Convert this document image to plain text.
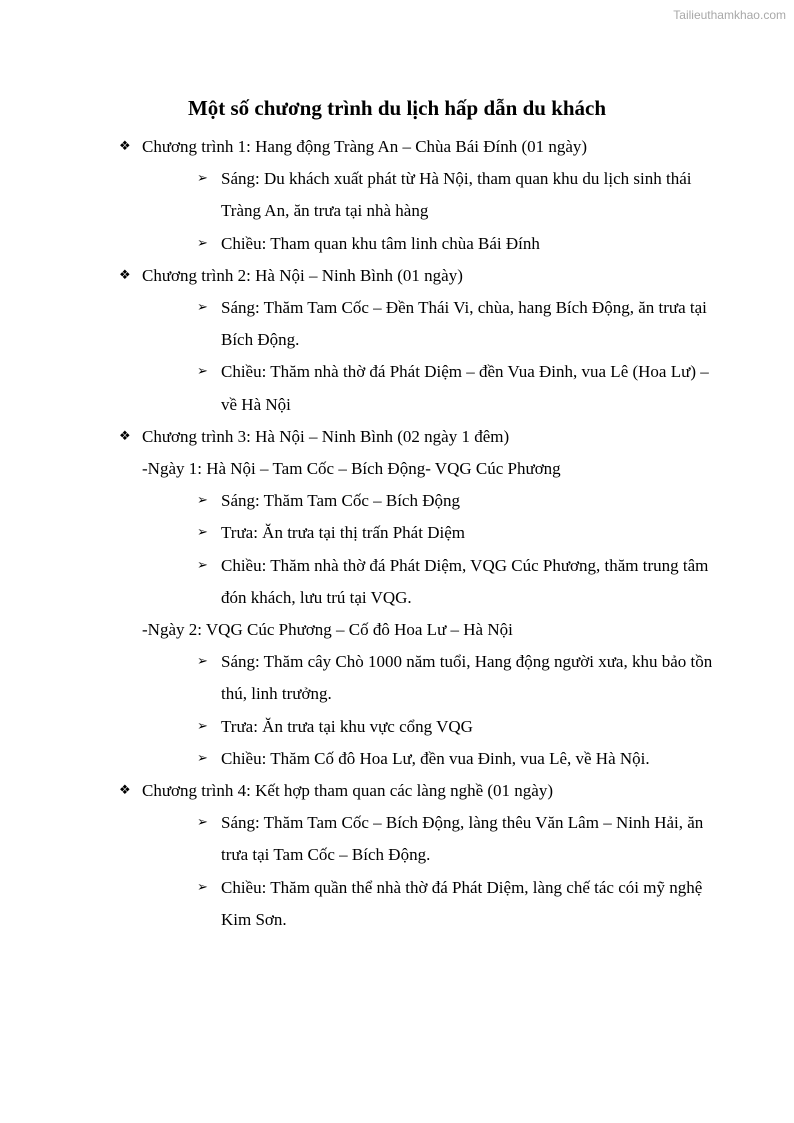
Tailieuthamkhao.com
Một số chương trình du lịch hấp dẫn du khách
❖ Chương trình 1: Hang động Tràng An – Chùa Bái Đính (01 ngày)
➢ Sáng: Du khách xuất phát từ Hà Nội, tham quan khu du lịch sinh thái Tràng An, ăn trưa tại nhà hàng
➢ Chiều: Tham quan khu tâm linh chùa Bái Đính
❖ Chương trình 2: Hà Nội – Ninh Bình (01 ngày)
➢ Sáng: Thăm Tam Cốc – Đền Thái Vi, chùa, hang Bích Động, ăn trưa tại Bích Động.
➢ Chiều: Thăm nhà thờ đá Phát Diệm – đền Vua Đinh, vua Lê (Hoa Lư) – về Hà Nội
❖ Chương trình 3: Hà Nội – Ninh Bình (02 ngày 1 đêm)
-Ngày 1: Hà Nội – Tam Cốc – Bích Động- VQG Cúc Phương
➢ Sáng: Thăm Tam Cốc – Bích Động
➢ Trưa: Ăn trưa tại thị trấn Phát Diệm
➢ Chiều: Thăm nhà thờ đá Phát Diệm, VQG Cúc Phương, thăm trung tâm đón khách, lưu trú tại VQG.
-Ngày 2: VQG Cúc Phương – Cố đô Hoa Lư – Hà Nội
➢ Sáng: Thăm cây Chò 1000 năm tuổi, Hang động người xưa, khu bảo tồn thú, linh trưởng.
➢ Trưa: Ăn trưa tại khu vực cổng VQG
➢ Chiều: Thăm Cố đô Hoa Lư, đền vua Đinh, vua Lê, về Hà Nội.
❖ Chương trình 4: Kết hợp tham quan các làng nghề (01 ngày)
➢ Sáng: Thăm Tam Cốc – Bích Động, làng thêu Văn Lâm – Ninh Hải, ăn trưa tại Tam Cốc – Bích Động.
➢ Chiều: Thăm quần thể nhà thờ đá Phát Diệm, làng chế tác cói mỹ nghệ Kim Sơn.
